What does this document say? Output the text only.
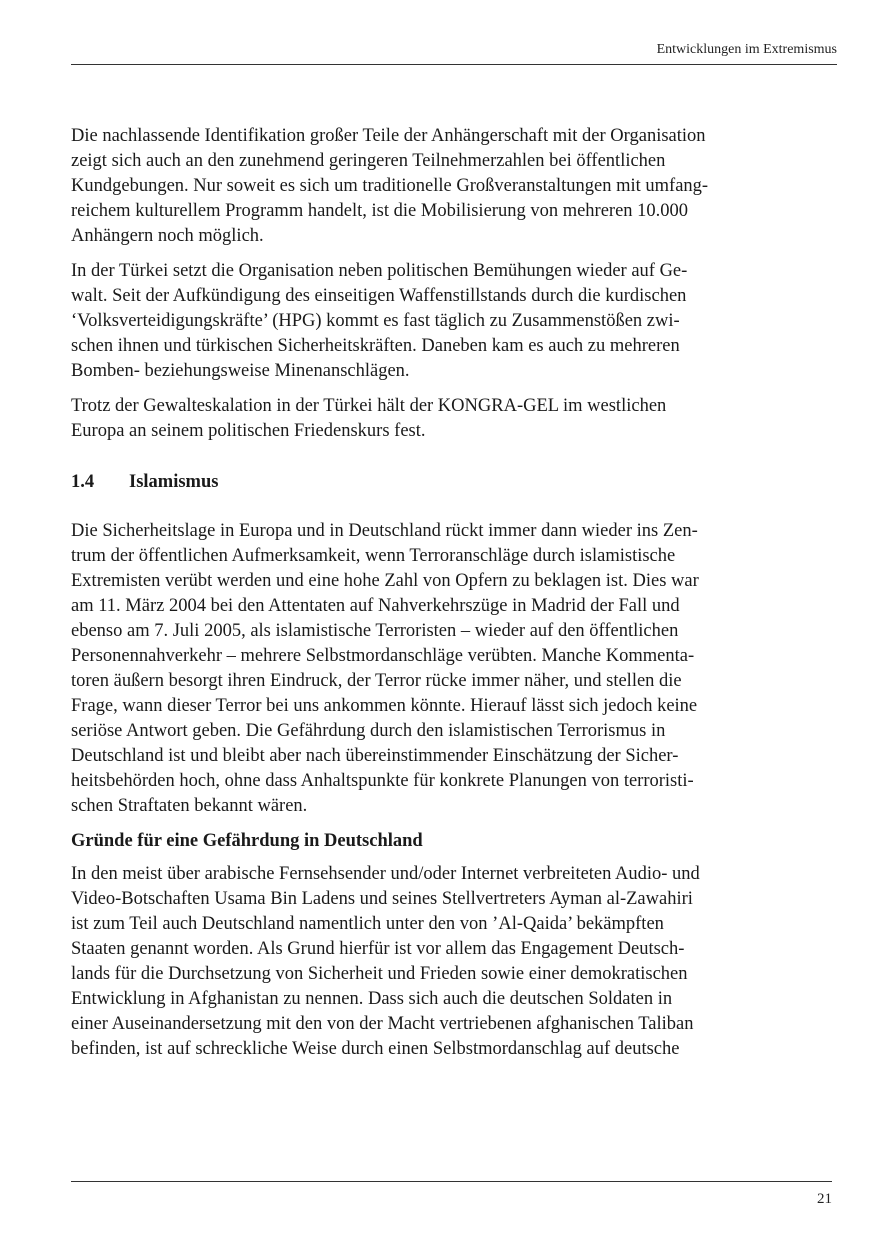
Entwicklungen im Extremismus

Die nachlassende Identifikation großer Teile der Anhängerschaft mit der Organisation
zeigt sich auch an den zunehmend geringeren Teilnehmerzahlen bei öffentlichen
Kundgebungen. Nur soweit es sich um traditionelle Großveranstaltungen mit umfang-
reichem kulturellem Programm handelt, ist die Mobilisierung von mehreren 10.000
Anhängern noch möglich.

In der Türkei setzt die Organisation neben politischen Bemühungen wieder auf Ge-
walt. Seit der Aufkündigung des einseitigen Waffenstillstands durch die kurdischen
‘Volksverteidigungskräfte’ (HPG) kommt es fast täglich zu Zusammenstößen zwi-
schen ihnen und türkischen Sicherheitskräften. Daneben kam es auch zu mehreren
Bomben- beziehungsweise Minenanschlägen.

Trotz der Gewalteskalation in der Türkei hält der KONGRA-GEL im westlichen
Europa an seinem politischen Friedenskurs fest.

1.4	Islamismus

Die Sicherheitslage in Europa und in Deutschland rückt immer dann wieder ins Zen-
trum der öffentlichen Aufmerksamkeit, wenn Terroranschläge durch islamistische
Extremisten verübt werden und eine hohe Zahl von Opfern zu beklagen ist. Dies war
am 11. März 2004 bei den Attentaten auf Nahverkehrszüge in Madrid der Fall und
ebenso am 7. Juli 2005, als islamistische Terroristen – wieder auf den öffentlichen
Personennahverkehr – mehrere Selbstmordanschläge verübten. Manche Kommenta-
toren äußern besorgt ihren Eindruck, der Terror rücke immer näher, und stellen die
Frage, wann dieser Terror bei uns ankommen könnte. Hierauf lässt sich jedoch keine
seriöse Antwort geben. Die Gefährdung durch den islamistischen Terrorismus in
Deutschland ist und bleibt aber nach übereinstimmender Einschätzung der Sicher-
heitsbehörden hoch, ohne dass Anhaltspunkte für konkrete Planungen von terroristi-
schen Straftaten bekannt wären.

Gründe für eine Gefährdung in Deutschland

In den meist über arabische Fernsehsender und/oder Internet verbreiteten Audio- und
Video-Botschaften Usama Bin Ladens und seines Stellvertreters Ayman al-Zawahiri
ist zum Teil auch Deutschland namentlich unter den von ’Al-Qaida’ bekämpften
Staaten genannt worden. Als Grund hierfür ist vor allem das Engagement Deutsch-
lands für die Durchsetzung von Sicherheit und Frieden sowie einer demokratischen
Entwicklung in Afghanistan zu nennen. Dass sich auch die deutschen Soldaten in
einer Auseinandersetzung mit den von der Macht vertriebenen afghanischen Taliban
befinden, ist auf schreckliche Weise durch einen Selbstmordanschlag auf deutsche

21
